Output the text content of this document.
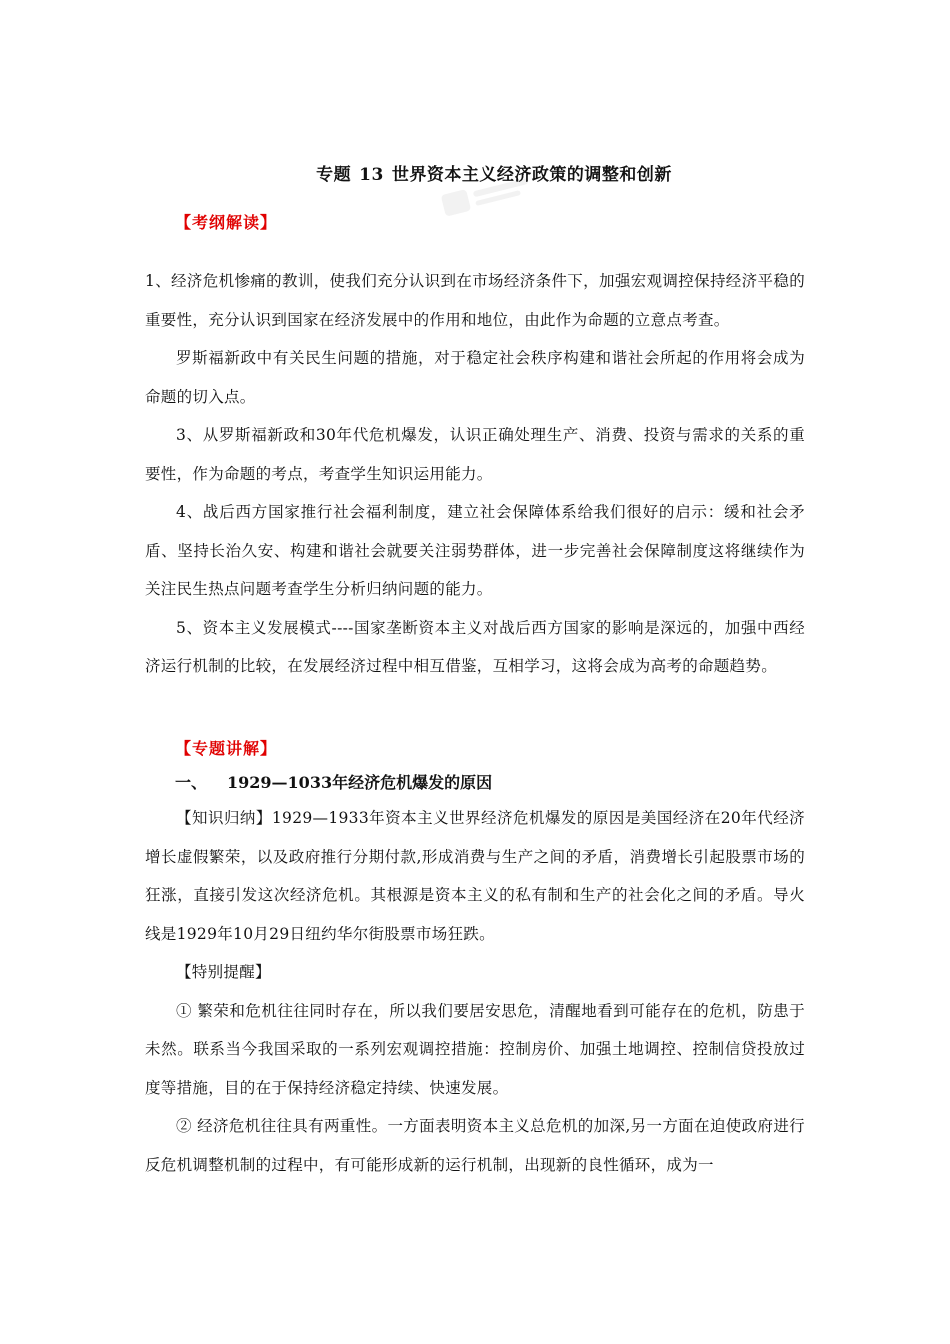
专题 13 世界资本主义经济政策的调整和创新
【考纲解读】

1、经济危机惨痛的教训，使我们充分认识到在市场经济条件下，加强宏观调控保持经济平稳的重要性，充分认识到国家在经济发展中的作用和地位，由此作为命题的立意点考查。

罗斯福新政中有关民生问题的措施，对于稳定社会秩序构建和谐社会所起的作用将会成为命题的切入点。

3、从罗斯福新政和30年代危机爆发，认识正确处理生产、消费、投资与需求的关系的重要性，作为命题的考点，考查学生知识运用能力。

4、战后西方国家推行社会福利制度，建立社会保障体系给我们很好的启示：缓和社会矛盾、坚持长治久安、构建和谐社会就要关注弱势群体，进一步完善社会保障制度这将继续作为关注民生热点问题考查学生分析归纳问题的能力。

5、资本主义发展模式----国家垄断资本主义对战后西方国家的影响是深远的，加强中西经济运行机制的比较，在发展经济过程中相互借鉴，互相学习，这将会成为高考的命题趋势。

【专题讲解】
一、 1929—1033年经济危机爆发的原因

【知识归纳】1929—1933年资本主义世界经济危机爆发的原因是美国经济在20年代经济增长虚假繁荣，以及政府推行分期付款,形成消费与生产之间的矛盾，消费增长引起股票市场的狂涨，直接引发这次经济危机。其根源是资本主义的私有制和生产的社会化之间的矛盾。导火线是1929年10月29日纽约华尔街股票市场狂跌。

【特别提醒】

① 繁荣和危机往往同时存在，所以我们要居安思危，清醒地看到可能存在的危机，防患于未然。联系当今我国采取的一系列宏观调控措施：控制房价、加强土地调控、控制信贷投放过度等措施，目的在于保持经济稳定持续、快速发展。

② 经济危机往往具有两重性。一方面表明资本主义总危机的加深,另一方面在迫使政府进行反危机调整机制的过程中，有可能形成新的运行机制，出现新的良性循环，成为一
